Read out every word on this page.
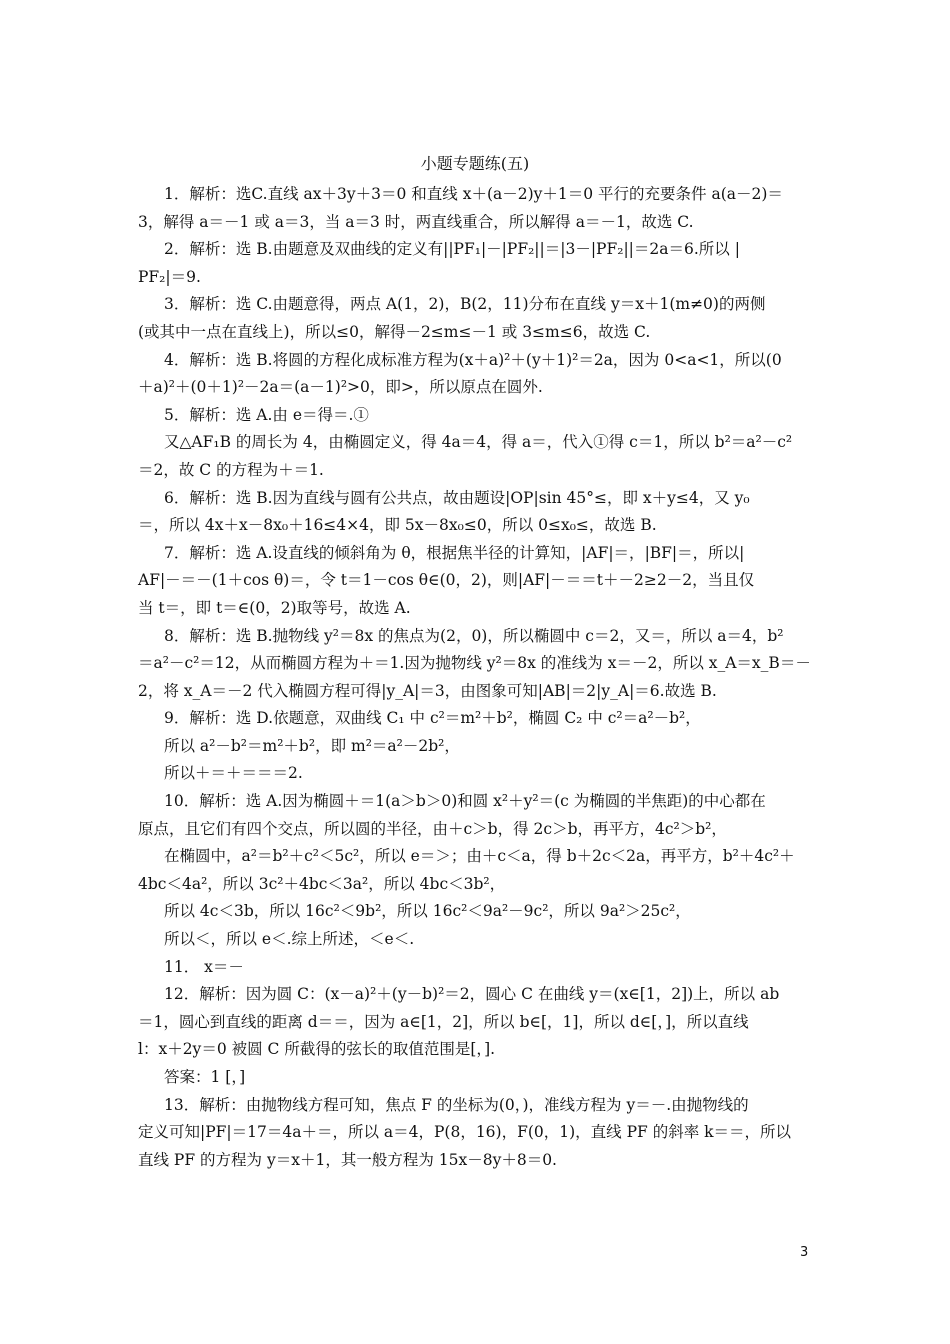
小题专题练(五)
1．解析：选C.直线 ax＋3y＋3＝0 和直线 x＋(a－2)y＋1＝0 平行的充要条件 a(a－2)＝
3，解得 a＝－1 或 a＝3，当 a＝3 时，两直线重合，所以解得 a＝－1，故选 C.
2．解析：选 B.由题意及双曲线的定义有||PF₁|－|PF₂||＝|3－|PF₂||＝2a＝6.所以 |
PF₂|＝9.
3．解析：选 C.由题意得，两点 A(1，2)，B(2，11)分布在直线 y＝x＋1(m≠0)的两侧
(或其中一点在直线上)，所以≤0，解得－2≤m≤－1 或 3≤m≤6，故选 C.
4．解析：选 B.将圆的方程化成标准方程为(x＋a)²＋(y＋1)²＝2a，因为 0<a<1，所以(0
＋a)²＋(0＋1)²－2a＝(a－1)²>0，即>，所以原点在圆外.
5．解析：选 A.由 e＝得＝.①
又△AF₁B 的周长为 4，由椭圆定义，得 4a＝4，得 a＝，代入①得 c＝1，所以 b²＝a²－c²
＝2，故 C 的方程为＋＝1.
6．解析：选 B.因为直线与圆有公共点，故由题设|OP|sin 45°≤，即 x＋y≤4，又 y₀
＝，所以 4x＋x－8x₀＋16≤4×4，即 5x－8x₀≤0，所以 0≤x₀≤，故选 B.
7．解析：选 A.设直线的倾斜角为 θ，根据焦半径的计算知，|AF|＝，|BF|＝，所以|
AF|－＝－(1＋cos θ)＝，令 t＝1－cos θ∈(0，2)，则|AF|－＝＝t＋－2≥2－2，当且仅
当 t＝，即 t＝∈(0，2)取等号，故选 A.
8．解析：选 B.抛物线 y²＝8x 的焦点为(2，0)，所以椭圆中 c＝2，又＝，所以 a＝4，b²
＝a²－c²＝12，从而椭圆方程为＋＝1.因为抛物线 y²＝8x 的准线为 x＝－2，所以 x_A＝x_B＝－
2，将 x_A＝－2 代入椭圆方程可得|y_A|＝3，由图象可知|AB|＝2|y_A|＝6.故选 B.
9．解析：选 D.依题意，双曲线 C₁ 中 c²＝m²＋b²，椭圆 C₂ 中 c²＝a²－b²，
所以 a²－b²＝m²＋b²，即 m²＝a²－2b²，
所以＋＝＋＝＝＝2.
10．解析：选 A.因为椭圆＋＝1(a＞b＞0)和圆 x²＋y²＝(c 为椭圆的半焦距)的中心都在
原点，且它们有四个交点，所以圆的半径，由＋c＞b，得 2c＞b，再平方，4c²＞b²，
在椭圆中，a²＝b²＋c²＜5c²，所以 e＝＞；由＋c＜a，得 b＋2c＜2a，再平方，b²＋4c²＋
4bc＜4a²，所以 3c²＋4bc＜3a²，所以 4bc＜3b²，
所以 4c＜3b，所以 16c²＜9b²，所以 16c²＜9a²－9c²，所以 9a²＞25c²，
所以＜，所以 e＜.综上所述，＜e＜.
11． x＝－
12．解析：因为圆 C：(x－a)²＋(y－b)²＝2，圆心 C 在曲线 y＝(x∈[1，2])上，所以 ab
＝1，圆心到直线的距离 d＝＝，因为 a∈[1，2]，所以 b∈[，1]，所以 d∈[，]，所以直线
l：x＋2y＝0 被圆 C 所截得的弦长的取值范围是[，].
答案：1 [，]
13．解析：由抛物线方程可知，焦点 F 的坐标为(0，)，准线方程为 y＝－.由抛物线的
定义可知|PF|＝17＝4a＋＝，所以 a＝4，P(8，16)，F(0，1)，直线 PF 的斜率 k＝＝，所以
直线 PF 的方程为 y＝x＋1，其一般方程为 15x－8y＋8＝0.
3
